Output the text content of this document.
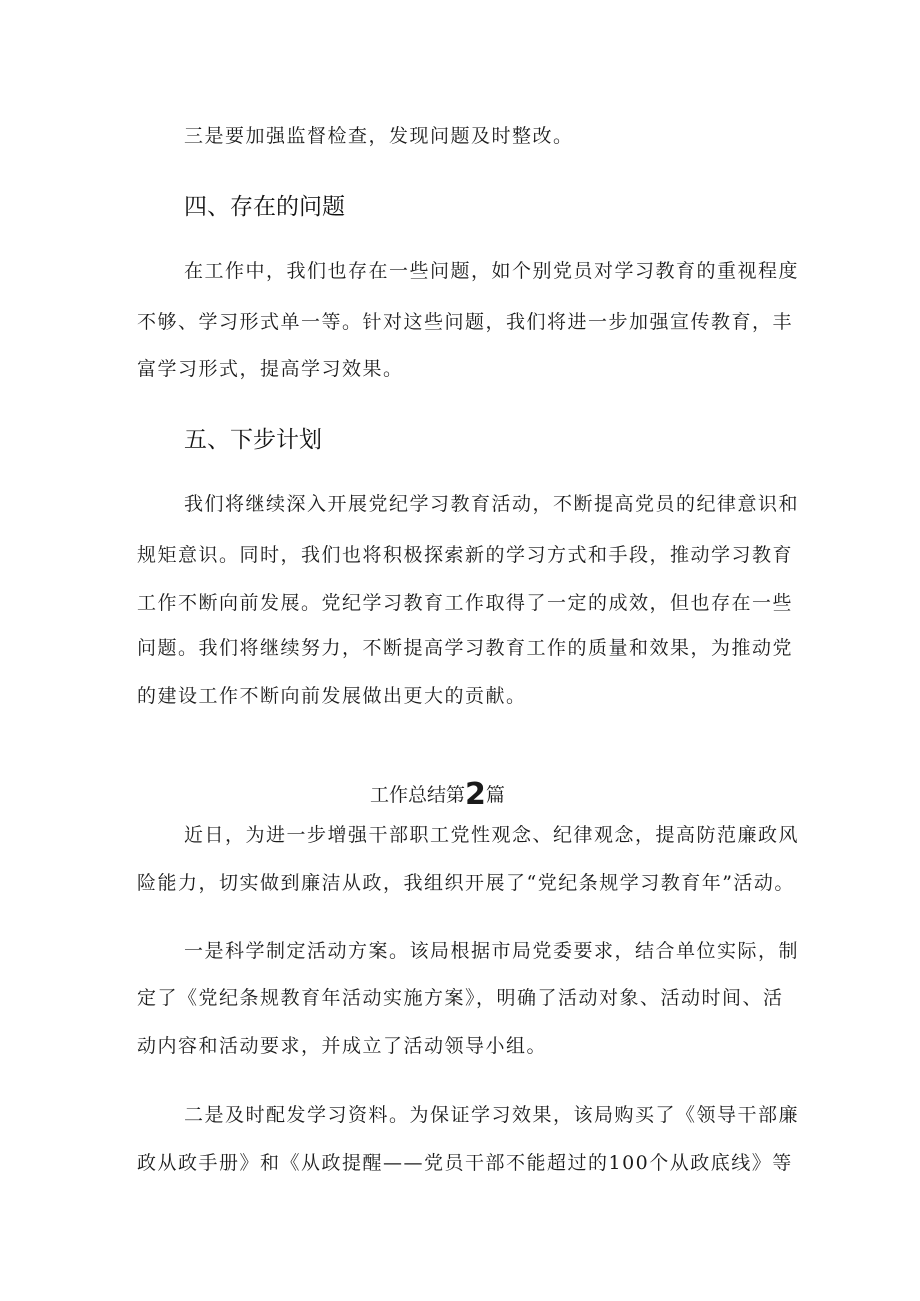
三是要加强监督检查，发现问题及时整改。
四、存在的问题
在工作中，我们也存在一些问题，如个别党员对学习教育的重视程度
不够、学习形式单一等。针对这些问题，我们将进一步加强宣传教育，丰
富学习形式，提高学习效果。
五、下步计划
我们将继续深入开展党纪学习教育活动，不断提高党员的纪律意识和
规矩意识。同时，我们也将积极探索新的学习方式和手段，推动学习教育
工作不断向前发展。党纪学习教育工作取得了一定的成效，但也存在一些
问题。我们将继续努力，不断提高学习教育工作的质量和效果，为推动党
的建设工作不断向前发展做出更大的贡献。
工作总结第2篇
近日，为进一步增强干部职工党性观念、纪律观念，提高防范廉政风
险能力，切实做到廉洁从政，我组织开展了“党纪条规学习教育年”活动。
一是科学制定活动方案。该局根据市局党委要求，结合单位实际，制
定了《党纪条规教育年活动实施方案》，明确了活动对象、活动时间、活
动内容和活动要求，并成立了活动领导小组。
二是及时配发学习资料。为保证学习效果，该局购买了《领导干部廉
政从政手册》和《从政提醒——党员干部不能超过的100个从政底线》等
